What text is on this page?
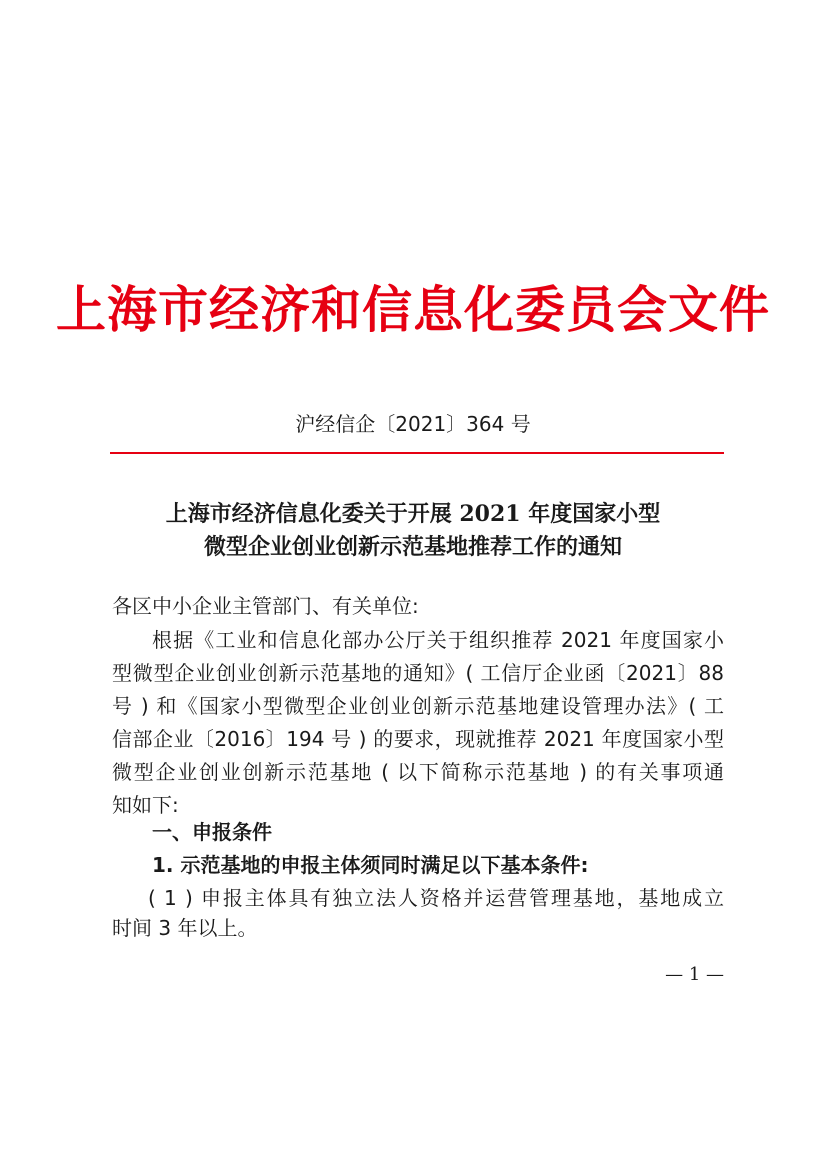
上海市经济和信息化委员会文件
沪经信企〔2021〕364 号
上海市经济信息化委关于开展 2021 年度国家小型
微型企业创业创新示范基地推荐工作的通知
各区中小企业主管部门、有关单位:
根据《工业和信息化部办公厅关于组织推荐 2021 年度国家小
型微型企业创业创新示范基地的通知》( 工信厅企业函〔2021〕88
号 ) 和《国家小型微型企业创业创新示范基地建设管理办法》( 工
信部企业〔2016〕194 号 ) 的要求，现就推荐 2021 年度国家小型
微型企业创业创新示范基地 ( 以下简称示范基地 ) 的有关事项通
知如下:
一、申报条件
1. 示范基地的申报主体须同时满足以下基本条件:
( 1 ) 申报主体具有独立法人资格并运营管理基地，基地成立
时间 3 年以上。
— 1 —
